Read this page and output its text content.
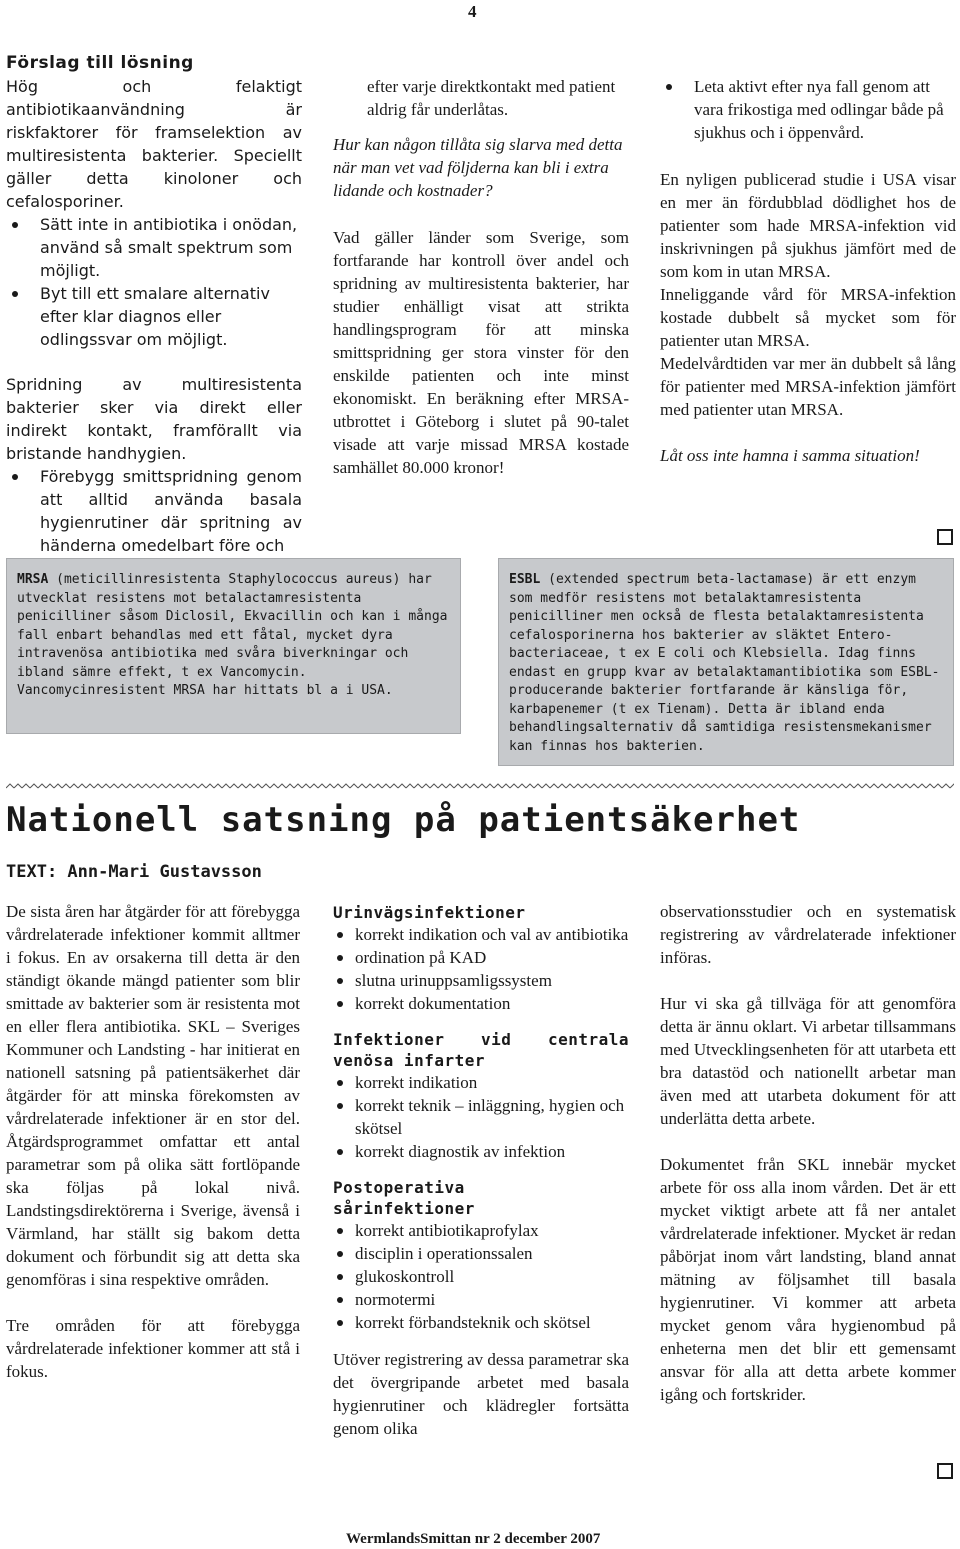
4
Förslag till lösning

Hög och felaktigt antibiotikaanvändning är riskfaktorer för framselektion av multiresistenta bakterier. Speciellt gäller detta kinoloner och cefalosporiner.

Sätt inte in antibiotika i onödan, använd så smalt spektrum som möjligt.
Byt till ett smalare alternativ efter klar diagnos eller odlingssvar om möjligt.

Spridning av multiresistenta bakterier sker via direkt eller indirekt kontakt, framförallt via bristande handhygien.

Förebygg smittspridning genom att alltid använda basala hygienrutiner där spritning av händerna omedelbart före och

efter varje direktkontakt med patient aldrig får underlåtas.

Hur kan någon tillåta sig slarva med detta när man vet vad följderna kan bli i extra lidande och kostnader?

Vad gäller länder som Sverige, som fortfarande har kontroll över andel och spridning av multiresistenta bakterier, har studier enhälligt visat att strikta handlingsprogram för att minska smittspridning ger stora vinster för den enskilde patienten och inte minst ekonomiskt. En beräkning efter MRSA-utbrottet i Göteborg i slutet på 90-talet visade att varje missad MRSA kostade samhället 80.000 kronor!

Leta aktivt efter nya fall genom att vara frikostiga med odlingar både på sjukhus och i öppenvård.

En nyligen publicerad studie i USA visar en mer än fördubblad dödlighet hos de patienter som hade MRSA-infektion vid inskrivningen på sjukhus jämfört med de som kom in utan MRSA.

Inneliggande vård för MRSA-infektion kostade dubbelt så mycket som för patienter utan MRSA.

Medelvårdtiden var mer än dubbelt så lång för patienter med MRSA-infektion jämfört med patienter utan MRSA.

Låt oss inte hamna i samma situation!

MRSA (meticillinresistenta Staphylococcus aureus) har utvecklat resistens mot betalactamresistenta penicilliner såsom Diclosil, Ekvacillin och kan i många fall enbart behandlas med ett fåtal, mycket dyra intravenösa antibiotika med svåra biverkningar och ibland sämre effekt, t ex Vancomycin. Vancomycinresistent MRSA har hittats bl a i USA.
ESBL (extended spectrum beta-lactamase) är ett enzym som medför resistens mot betalaktamresistenta penicilliner men också de flesta betalaktamresistenta cefalosporinerna hos bakterier av släktet Entero-bacteriaceae, t ex E coli och Klebsiella. Idag finns endast en grupp kvar av betalaktamantibiotika som ESBL-producerande bakterier fortfarande är känsliga för, karbapenemer (t ex Tienam). Detta är ibland enda behandlingsalternativ då samtidiga resistensmekanismer kan finnas hos bakterien.
Nationell satsning på patientsäkerhet
TEXT: Ann-Mari Gustavsson

De sista åren har åtgärder för att förebygga vårdrelaterade infektioner kommit alltmer i fokus. En av orsakerna till detta är den ständigt ökande mängd patienter som blir smittade av bakterier som är resistenta mot en eller flera antibiotika. SKL – Sveriges Kommuner och Landsting - har initierat en nationell satsning på patientsäkerhet där åtgärder för att minska förekomsten av vårdrelaterade infektioner är en stor del. Åtgärdsprogrammet omfattar ett antal parametrar som på olika sätt fortlöpande ska följas på lokal nivå. Landstingsdirektörerna i Sverige, ävenså i Värmland, har ställt sig bakom detta dokument och förbundit sig att detta ska genomföras i sina respektive områden.

Tre områden för att förebygga vårdrelaterade infektioner kommer att stå i fokus.

Urinvägsinfektioner
korrekt indikation och val av antibiotika
ordination på KAD
slutna urinuppsamligssystem
korrekt dokumentation
Infektioner vid centrala venösa infarter
korrekt indikation
korrekt teknik – inläggning, hygien och skötsel
korrekt diagnostik av infektion
Postoperativa sårinfektioner
korrekt antibiotikaprofylax
disciplin i operationssalen
glukoskontroll
normotermi
korrekt förbandsteknik och skötsel

Utöver registrering av dessa parametrar ska det övergripande arbetet med basala hygienrutiner och klädregler fortsätta genom olika

observationsstudier och en systematisk registrering av vårdrelaterade infektioner införas.

Hur vi ska gå tillväga för att genomföra detta är ännu oklart. Vi arbetar tillsammans med Utvecklingsenheten för att utarbeta ett bra datastöd och nationellt arbetar man även med att utarbeta dokument för att underlätta detta arbete.

Dokumentet från SKL innebär mycket arbete för oss alla inom vården. Det är ett mycket viktigt arbete att få ner antalet vårdrelaterade infektioner. Mycket är redan påbörjat inom vårt landsting, bland annat mätning av följsamhet till basala hygienrutiner. Vi kommer att arbeta mycket genom våra hygienombud på enheterna men det blir ett gemensamt ansvar för alla att detta arbete kommer igång och fortskrider.

WermlandsSmittan nr 2 december 2007
